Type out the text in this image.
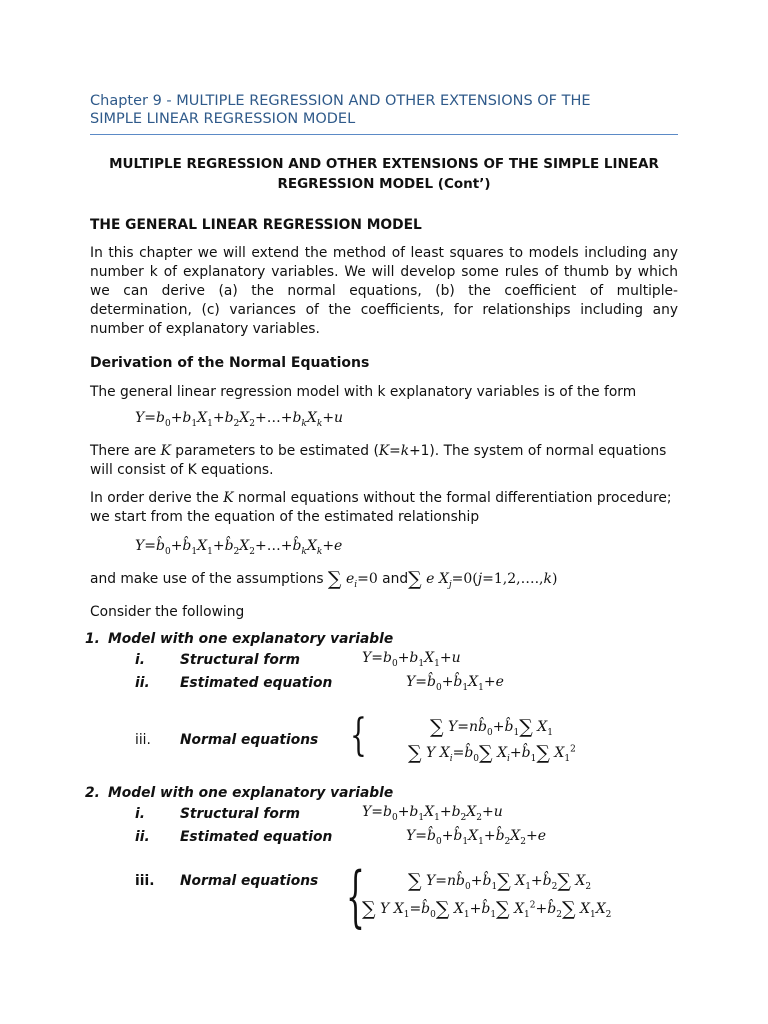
Chapter 9 - MULTIPLE REGRESSION AND OTHER EXTENSIONS OF THE
SIMPLE LINEAR REGRESSION MODEL
MULTIPLE REGRESSION AND OTHER EXTENSIONS OF THE SIMPLE LINEAR
REGRESSION MODEL (Cont’)
THE GENERAL LINEAR REGRESSION MODEL
In this chapter we will extend the method of least squares to models including any number k of explanatory variables. We will develop some rules of thumb by which we can derive (a) the normal equations, (b) the coefficient of multiple-determination, (c) variances of the coefficients, for relationships including any number of explanatory variables.
Derivation of the Normal Equations
The general linear regression model with k explanatory variables is of the form
$Y=b_0+b_1X_1+b_2X_2+\dots+b_kX_k+u$
There are K parameters to be estimated (K=k+1). The system of normal equations will consist of K equations.
In order derive the K normal equations without the formal differentiation procedure; we start from the equation of the estimated relationship
$Y=b̂_0+b̂_1X_1+b̂_2X_2+\dots+b̂_kX_k+e$
and make use of the assumptions ∑ $e_i=0$ and∑ e $X_j=0(j=1,2,\dots.,k)$
Consider the following
1. Model with one explanatory variable
i.	Structural form	$Y=b_0+b_1X_1+u$
ii. Estimated equation	$Y=b̂_0+b̂_1X_1+e$
iii. Normal equations {	∑ $Y=nb̂_0+b̂_1\sum$ $X_1$
∑ Y $X_i=b̂_0\sum$ $X_i+b̂_1\sum$ $X_1^2$
2. Model with one explanatory variable
i.	Structural form	$Y=b_0+b_1X_1+b_2X_2+u$
ii. Estimated equation	$Y=b̂_0+b̂_1X_1+b̂_2X_2+e$
iii. Normal equations { ∑ $Y=nb̂_0+b̂_1\sum$ $X_1+b̂_2\sum$ $X_2$
∑ Y $X_1=b̂_0\sum$ $X_1+b̂_1\sum$ $X_1^2+b̂_2\sum$ $X_1X_2$
